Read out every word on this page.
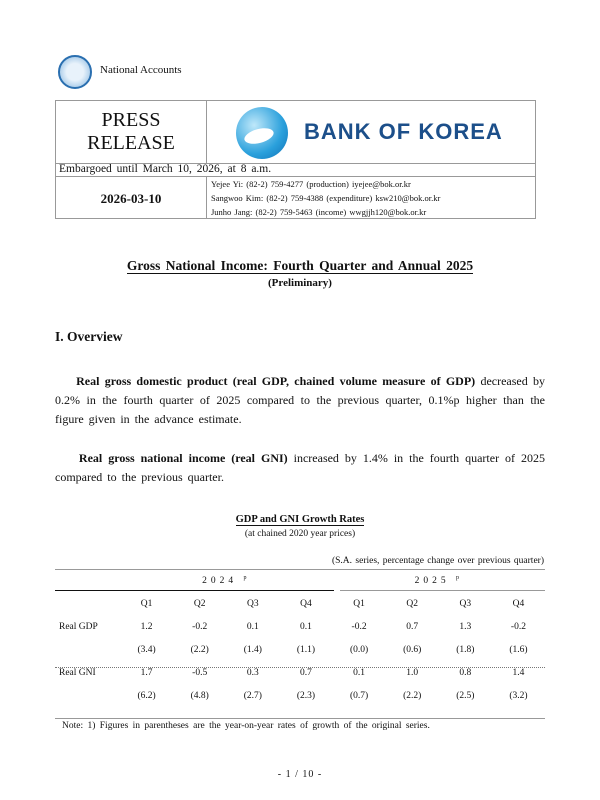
National Accounts
PRESS
RELEASE	BANK OF KOREA
Embargoed until March 10, 2026, at 8 a.m.
2026-03-10
Yejee Yi: (82-2) 759-4277 (production) iyejee@bok.or.kr
Sangwoo Kim: (82-2) 759-4388 (expenditure) ksw210@bok.or.kr
Junho Jang: (82-2) 759-5463 (income) wwgjjh120@bok.or.kr
Gross National Income: Fourth Quarter and Annual 2025
(Preliminary)
I. Overview
Real gross domestic product (real GDP, chained volume measure of GDP) decreased by 0.2% in the fourth quarter of 2025 compared to the previous quarter, 0.1%p higher than the figure given in the advance estimate.
Real gross national income (real GNI) increased by 1.4% in the fourth quarter of 2025 compared to the previous quarter.
GDP and GNI Growth Rates
(at chained 2020 year prices)
(S.A. series, percentage change over previous quarter)
	2024 $^p$				2025 $^p$
	Q1	Q2	Q3	Q4	Q1	Q2	Q3	Q4
Real GDP	1.2	-0.2	0.1	0.1	-0.2	0.7	1.3	-0.2
	(3.4)	(2.2)	(1.4)	(1.1)	(0.0)	(0.6)	(1.8)	(1.6)
Real GNI	1.7	-0.5	0.3	0.7	0.1	1.0	0.8	1.4
	(6.2)	(4.8)	(2.7)	(2.3)	(0.7)	(2.2)	(2.5)	(3.2)
Note: 1) Figures in parentheses are the year-on-year rates of growth of the original series.
- 1 / 10 -
